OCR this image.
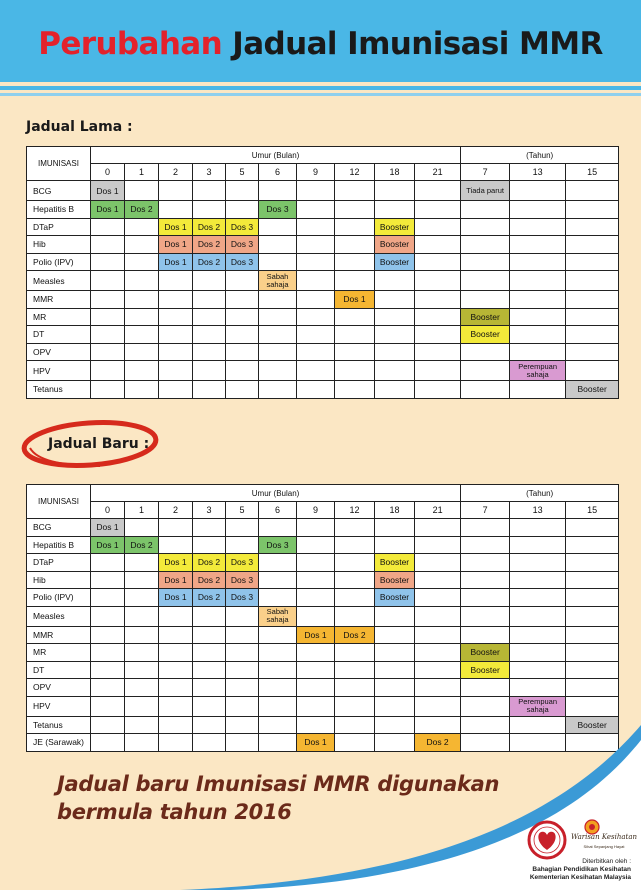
Perubahan Jadual Imunisasi MMR
Jadual Lama :
IMUNISASI	Umur (Bulan)										(Tahun)		
	0	1	2	3	5	6	9	12	18	21	7	13	15
BCG	Dos 1										Tiada parut		
Hepatitis B	Dos 1	Dos 2				Dos 3							
DTaP			Dos 1	Dos 2	Dos 3				Booster				
Hib			Dos 1	Dos 2	Dos 3				Booster				
Polio (IPV)			Dos 1	Dos 2	Dos 3				Booster				
Measles						Sabah sahaja							
MMR								Dos 1					
MR											Booster		
DT											Booster		
OPV													
HPV												Perempuan sahaja	
Tetanus													Booster
Jadual Baru :
IMUNISASI	Umur (Bulan)										(Tahun)		
	0	1	2	3	5	6	9	12	18	21	7	13	15
BCG	Dos 1												
Hepatitis B	Dos 1	Dos 2				Dos 3							
DTaP			Dos 1	Dos 2	Dos 3				Booster				
Hib			Dos 1	Dos 2	Dos 3				Booster				
Polio (IPV)			Dos 1	Dos 2	Dos 3				Booster				
Measles						Sabah sahaja							
MMR							Dos 1	Dos 2					
MR											Booster		
DT											Booster		
OPV													
HPV												Perempuan sahaja	
Tetanus													Booster
JE (Sarawak)							Dos 1			Dos 2			
Jadual baru Imunisasi MMR digunakan
bermula tahun 2016
Warisan Kesihatan
Sihat Sepanjang Hayat
Diterbitkan oleh :
Bahagian Pendidikan Kesihatan
Kementerian Kesihatan Malaysia
